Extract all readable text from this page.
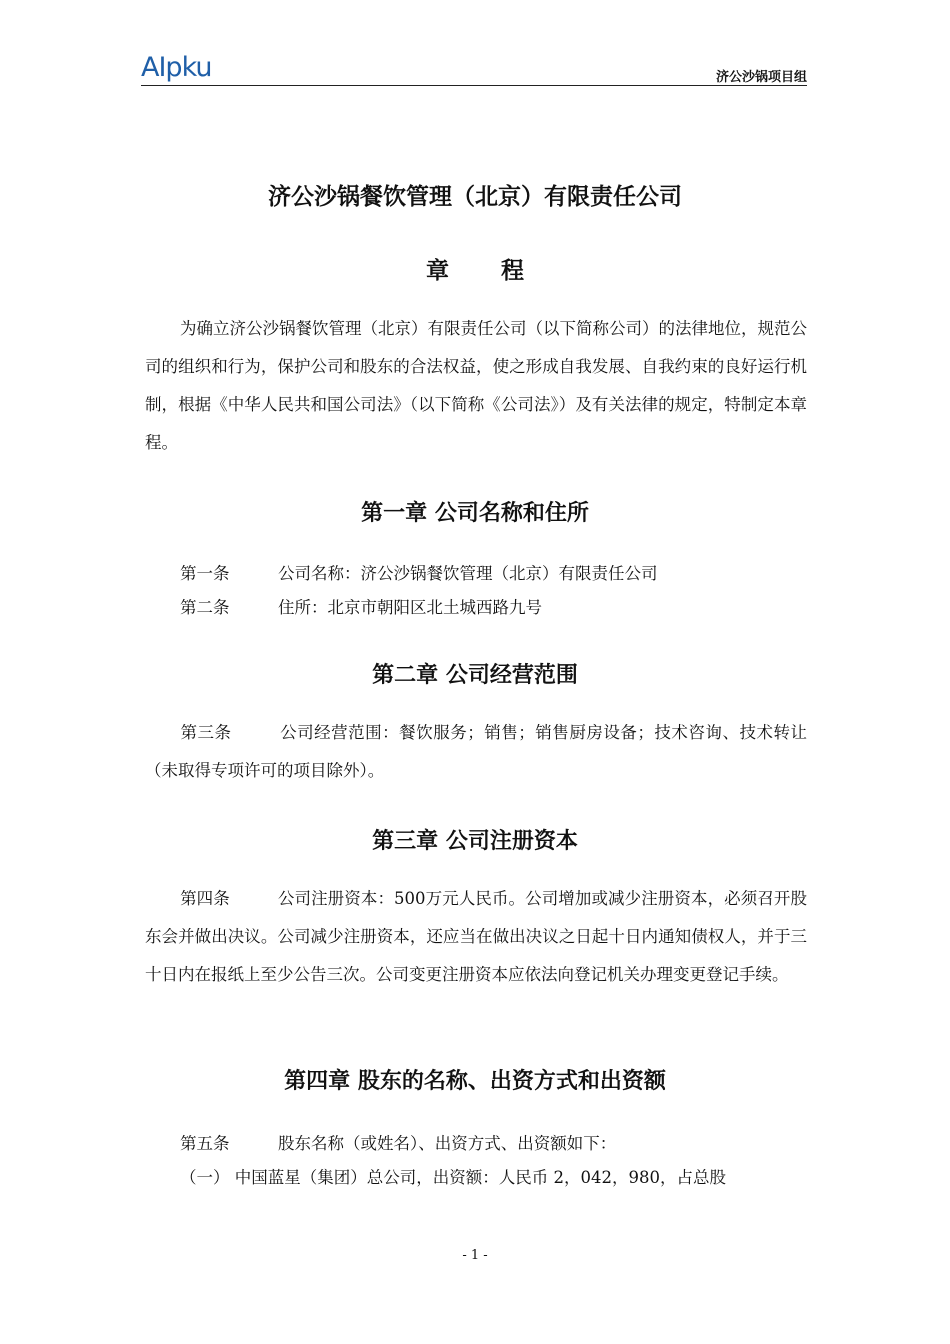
AIpku	济公沙锅项目组
济公沙锅餐饮管理（北京）有限责任公司
章程
为确立济公沙锅餐饮管理（北京）有限责任公司（以下简称公司）的法律地位，规范公司的组织和行为，保护公司和股东的合法权益，使之形成自我发展、自我约束的良好运行机制，根据《中华人民共和国公司法》（以下简称《公司法》）及有关法律的规定，特制定本章程。
第一章 公司名称和住所
第一条	公司名称：济公沙锅餐饮管理（北京）有限责任公司
第二条	住所：北京市朝阳区北土城西路九号
第二章 公司经营范围
第三条	公司经营范围：餐饮服务；销售；销售厨房设备；技术咨询、技术转让（未取得专项许可的项目除外）。
第三章 公司注册资本
第四条	公司注册资本：500万元人民币。公司增加或减少注册资本，必须召开股东会并做出决议。公司减少注册资本，还应当在做出决议之日起十日内通知债权人，并于三十日内在报纸上至少公告三次。公司变更注册资本应依法向登记机关办理变更登记手续。
第四章 股东的名称、出资方式和出资额
第五条	股东名称（或姓名）、出资方式、出资额如下：
（一） 中国蓝星（集团）总公司，出资额：人民币 2，042，980，占总股
- 1 -
